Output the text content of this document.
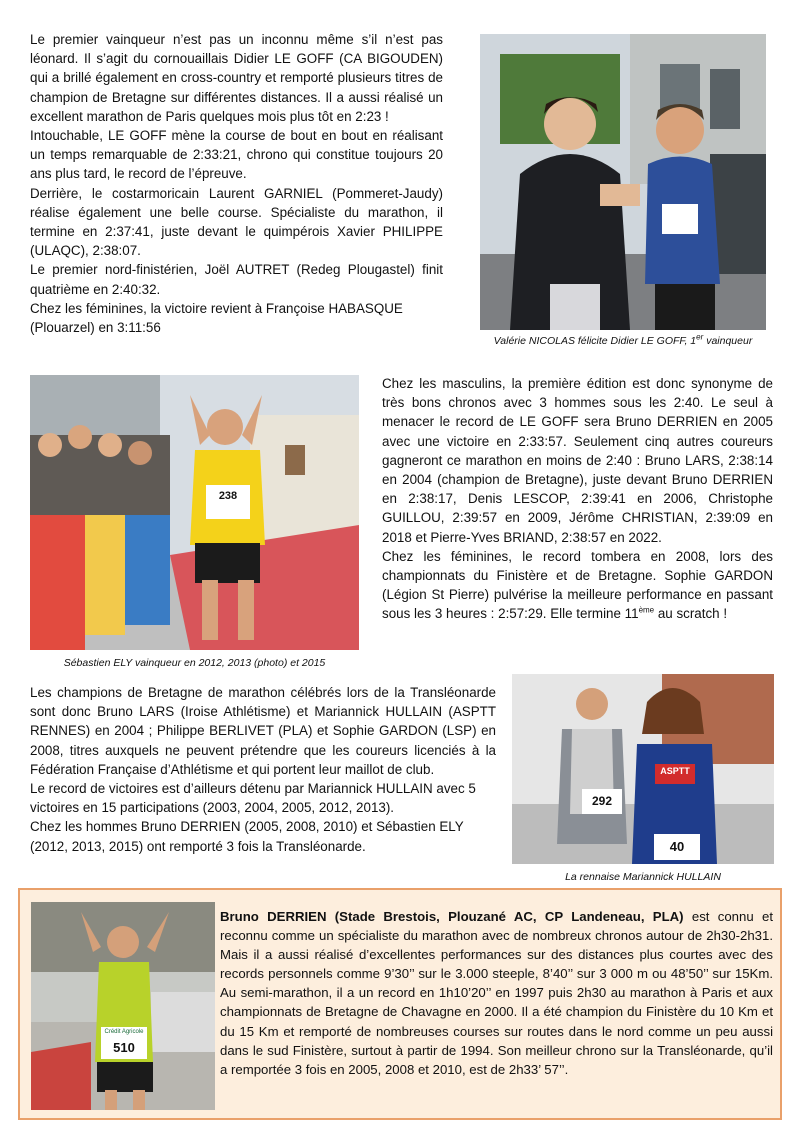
Le premier vainqueur n’est pas un inconnu même s’il n’est pas léonard. Il s’agit du cornouaillais Didier LE GOFF (CA BIGOUDEN) qui a brillé également en cross-country et remporté plusieurs titres de champion de Bretagne sur différentes distances. Il a aussi réalisé un excellent marathon de Paris quelques mois plus tôt en 2:23 !

Intouchable, LE GOFF mène la course de bout en bout en réalisant un temps remarquable de 2:33:21, chrono qui constitue toujours 20 ans plus tard, le record de l’épreuve.

Derrière, le costarmoricain Laurent GARNIEL (Pommeret-Jaudy) réalise également une belle course. Spécialiste du marathon, il termine en 2:37:41, juste devant le quimpérois Xavier PHILIPPE (ULAQC), 2:38:07.

Le premier nord-finistérien, Joël AUTRET (Redeg Plougastel) finit quatrième en 2:40:32.

Chez les féminines, la victoire revient à Françoise HABASQUE (Plouarzel) en 3:11:56

Valérie NICOLAS félicite Didier LE GOFF, 1er vainqueur
238
Sébastien ELY vainqueur en 2012, 2013 (photo) et 2015

Chez les masculins, la première édition est donc synonyme de très bons chronos avec 3 hommes sous les 2:40. Le seul à menacer le record de LE GOFF sera Bruno DERRIEN en 2005 avec une victoire en 2:33:57. Seulement cinq autres coureurs gagneront ce marathon en moins de 2:40 : Bruno LARS, 2:38:14 en 2004 (champion de Bretagne), juste devant Bruno DERRIEN en 2:38:17, Denis LESCOP, 2:39:41 en 2006, Christophe GUILLOU, 2:39:57 en 2009, Jérôme CHRISTIAN, 2:39:09 en 2018 et Pierre-Yves BRIAND, 2:38:57 en 2022.

Chez les féminines, le record tombera en 2008, lors des championnats du Finistère et de Bretagne. Sophie GARDON (Légion St Pierre) pulvérise la meilleure performance en passant sous les 3 heures : 2:57:29. Elle termine 11ème au scratch !

Les champions de Bretagne de marathon célébrés lors de la Transléonarde sont donc Bruno LARS (Iroise Athlétisme) et Mariannick HULLAIN (ASPTT RENNES) en 2004 ; Philippe BERLIVET (PLA) et Sophie GARDON (LSP) en 2008, titres auxquels ne peuvent prétendre que les coureurs licenciés à la Fédération Française d’Athlétisme et qui portent leur maillot de club.

Le record de victoires est d’ailleurs détenu par Mariannick HULLAIN avec 5 victoires en 15 participations (2003, 2004, 2005, 2012, 2013).

Chez les hommes Bruno DERRIEN (2005, 2008, 2010) et Sébastien ELY (2012, 2013, 2015) ont remporté 3 fois la Transléonarde.

292
ASPTT
40
La rennaise Mariannick HULLAIN
Crédit Agricole
510

Bruno DERRIEN (Stade Brestois, Plouzané AC, CP Landeneau, PLA) est connu et reconnu comme un spécialiste du marathon avec de nombreux chronos autour de 2h30-2h31. Mais il a aussi réalisé d’excellentes performances sur des distances plus courtes avec des records personnels comme 9’30’’ sur le 3.000 steeple, 8’40’’ sur 3 000 m ou 48’50’’ sur 15Km. Au semi-marathon, il a un record en 1h10’20’’ en 1997 puis 2h30 au marathon à Paris et aux championnats de Bretagne de Chavagne en 2000. Il a été champion du Finistère du 10 Km et du 15 Km et remporté de nombreuses courses sur routes dans le nord comme un peu aussi dans le sud Finistère, surtout à partir de 1994. Son meilleur chrono sur la Transléonarde, qu’il a remportée 3 fois en 2005, 2008 et 2010, est de 2h33’ 57’’.
